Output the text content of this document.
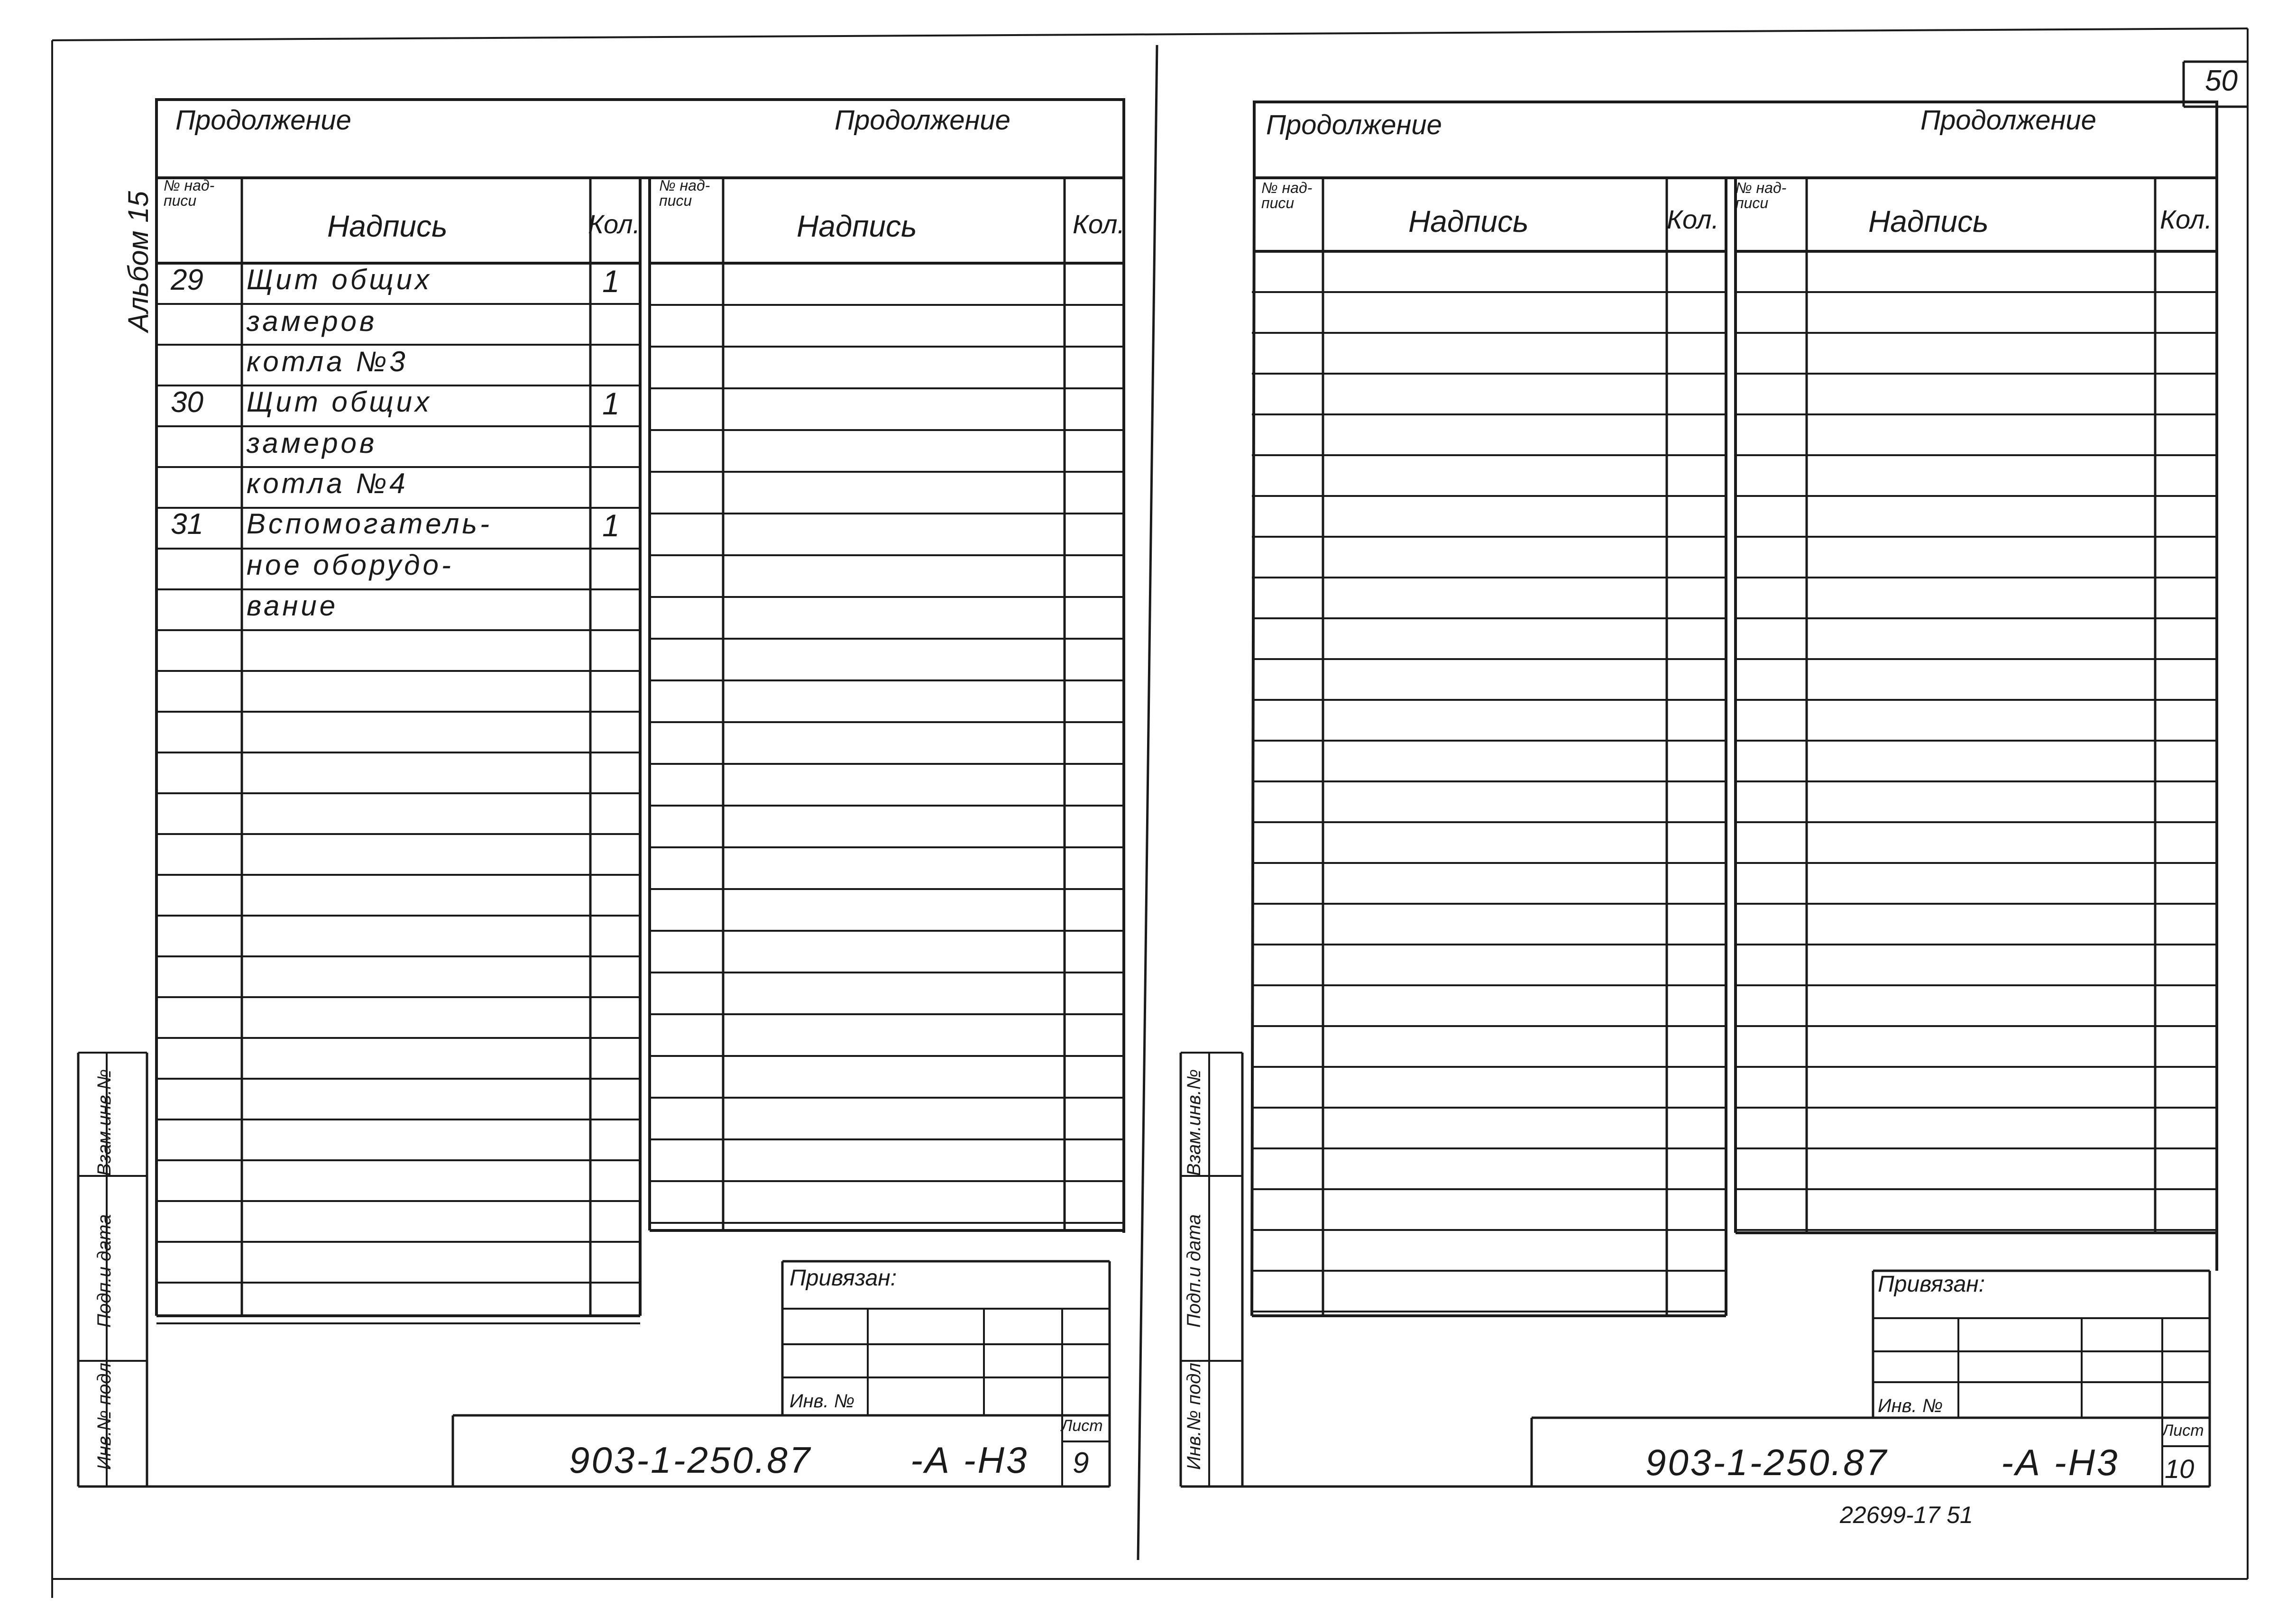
50
Альбом 15
Продолжение	Продолжение
№ над- писи
Надпись	Кол.
№ над- писи
Надпись	Кол.
29 Щит общих	1
замеров
котла №3
30 Щит общих	1
замеров
котла №4
31 Вспомогатель-	1
ное оборудо-
вание
Взам.инв.№
Подп.и дата
Инв.№ подл.
Привязан:
Инв. №
903-1-250.87	-А -Н3
Лист
9
Продолжение	Продолжение
№ над- писи
Надпись	Кол.
№ над- писи
Надпись	Кол.
Взам.инв.№
Подп.и дата
Инв.№ подл.
Привязан:
Инв. №
903-1-250.87	-А -Н3
Лист
10
22699-17 51
